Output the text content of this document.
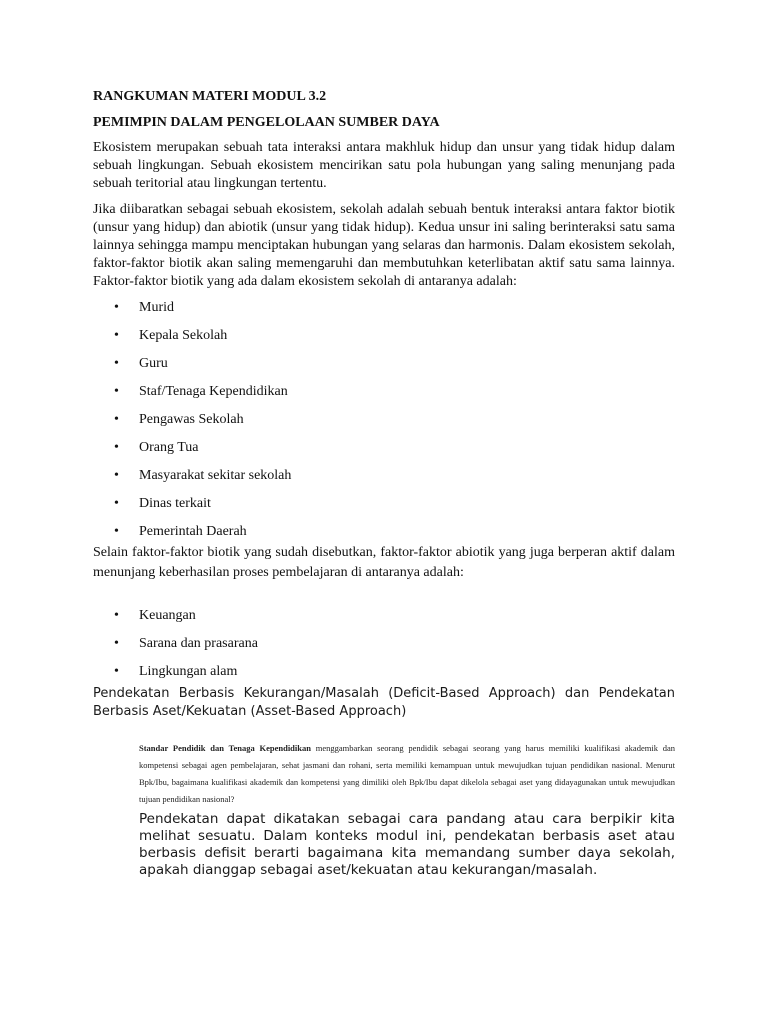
RANGKUMAN MATERI MODUL 3.2

PEMIMPIN DALAM PENGELOLAAN SUMBER DAYA

Ekosistem merupakan sebuah tata interaksi antara makhluk hidup dan unsur yang tidak hidup dalam sebuah lingkungan. Sebuah ekosistem mencirikan satu pola hubungan yang saling menunjang pada sebuah teritorial atau lingkungan tertentu.

Jika diibaratkan sebagai sebuah ekosistem, sekolah adalah sebuah bentuk interaksi antara faktor biotik (unsur yang hidup) dan abiotik (unsur yang tidak hidup). Kedua unsur ini saling berinteraksi satu sama lainnya sehingga mampu menciptakan hubungan yang selaras dan harmonis. Dalam ekosistem sekolah, faktor-faktor biotik akan saling memengaruhi dan membutuhkan keterlibatan aktif satu sama lainnya. Faktor-faktor biotik yang ada dalam ekosistem sekolah di antaranya adalah:

• Murid
• Kepala Sekolah
• Guru
• Staf/Tenaga Kependidikan
• Pengawas Sekolah
• Orang Tua
• Masyarakat sekitar sekolah
• Dinas terkait
• Pemerintah Daerah

Selain faktor-faktor biotik yang sudah disebutkan, faktor-faktor abiotik yang juga berperan aktif dalam menunjang keberhasilan proses pembelajaran di antaranya adalah:

• Keuangan
• Sarana dan prasarana
• Lingkungan alam

Pendekatan Berbasis Kekurangan/Masalah (Deficit-Based Approach) dan Pendekatan Berbasis Aset/Kekuatan (Asset-Based Approach)

Standar Pendidik dan Tenaga Kependidikan menggambarkan seorang pendidik sebagai seorang yang harus memiliki kualifikasi akademik dan kompetensi sebagai agen pembelajaran, sehat jasmani dan rohani, serta memiliki kemampuan untuk mewujudkan tujuan pendidikan nasional. Menurut Bpk/Ibu, bagaimana kualifikasi akademik dan kompetensi yang dimiliki oleh Bpk/Ibu dapat dikelola sebagai aset yang didayagunakan untuk mewujudkan tujuan pendidikan nasional?

Pendekatan dapat dikatakan sebagai cara pandang atau cara berpikir kita melihat sesuatu. Dalam konteks modul ini, pendekatan berbasis aset atau berbasis defisit berarti bagaimana kita memandang sumber daya sekolah, apakah dianggap sebagai aset/kekuatan atau kekurangan/masalah.
